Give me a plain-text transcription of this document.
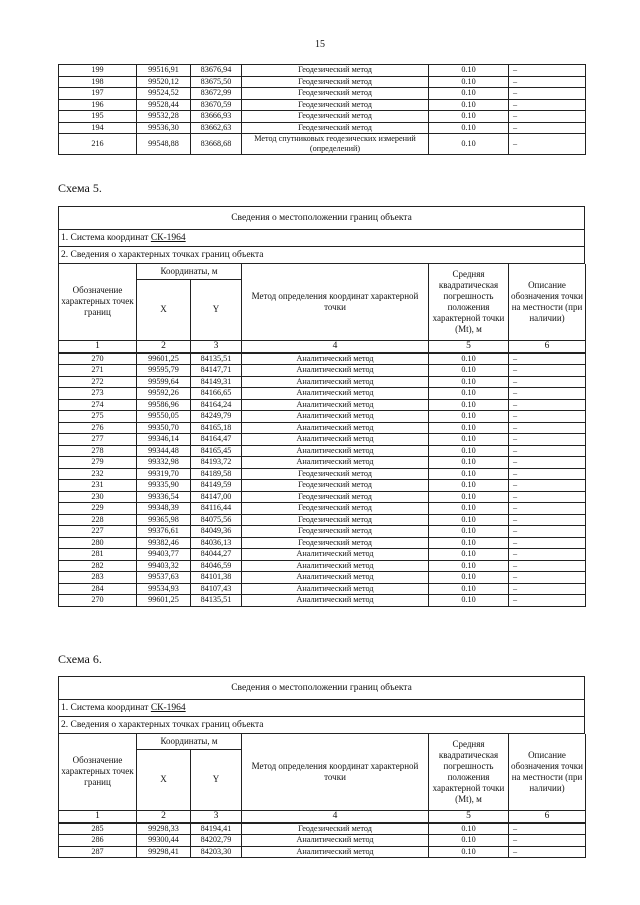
15
199	99516,91	83676,94	Геодезический метод	0.10	–
198	99520,12	83675,50	Геодезический метод	0.10	–
197	99524,52	83672,99	Геодезический метод	0.10	–
196	99528,44	83670,59	Геодезический метод	0.10	–
195	99532,28	83666,93	Геодезический метод	0.10	–
194	99536,30	83662,63	Геодезический метод	0.10	–
216	99548,88	83668,68	Метод спутниковых геодезических измерений (определений)	0.10	–
Схема 5.
Сведения о местоположении границ объекта
1. Система координат СК-1964
2. Сведения о характерных точках границ объекта
Обозначение характерных точек границ	Координаты, м		Метод определения координат характерной точки	Средняя квадратическая погрешность положения характерной точки (Mt), м	Описание обозначения точки на местности (при наличии)
	X	Y			
1	2	3	4	5	6
270	99601,25	84135,51	Аналитический метод	0.10	–
271	99595,79	84147,71	Аналитический метод	0.10	–
272	99599,64	84149,31	Аналитический метод	0.10	–
273	99592,26	84166,65	Аналитический метод	0.10	–
274	99586,96	84164,24	Аналитический метод	0.10	–
275	99550,05	84249,79	Аналитический метод	0.10	–
276	99350,70	84165,18	Аналитический метод	0.10	–
277	99346,14	84164,47	Аналитический метод	0.10	–
278	99344,48	84165,45	Аналитический метод	0.10	–
279	99332,98	84193,72	Аналитический метод	0.10	–
232	99319,70	84189,58	Геодезический метод	0.10	–
231	99335,90	84149,59	Геодезический метод	0.10	–
230	99336,54	84147,00	Геодезический метод	0.10	–
229	99348,39	84116,44	Геодезический метод	0.10	–
228	99365,98	84075,56	Геодезический метод	0.10	–
227	99376,61	84049,36	Геодезический метод	0.10	–
280	99382,46	84036,13	Геодезический метод	0.10	–
281	99403,77	84044,27	Аналитический метод	0.10	–
282	99403,32	84046,59	Аналитический метод	0.10	–
283	99537,63	84101,38	Аналитический метод	0.10	–
284	99534,93	84107,43	Аналитический метод	0.10	–
270	99601,25	84135,51	Аналитический метод	0.10	–
Схема 6.
Сведения о местоположении границ объекта
1. Система координат СК-1964
2. Сведения о характерных точках границ объекта
Обозначение характерных точек границ	Координаты, м		Метод определения координат характерной точки	Средняя квадратическая погрешность положения характерной точки (Mt), м	Описание обозначения точки на местности (при наличии)
	X	Y			
1	2	3	4	5	6
285	99298,33	84194,41	Геодезический метод	0.10	–
286	99300,44	84202,79	Аналитический метод	0.10	–
287	99298,41	84203,30	Аналитический метод	0.10	–
